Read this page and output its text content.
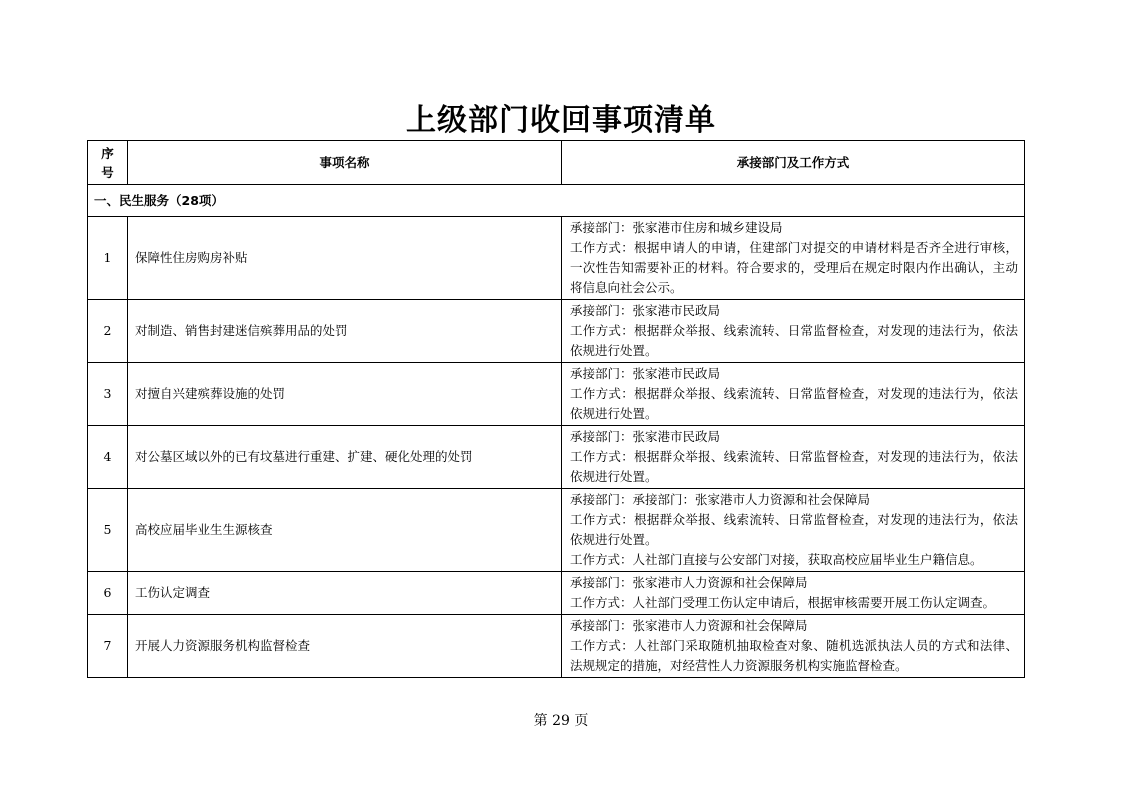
上级部门收回事项清单
序
号	事项名称	承接部门及工作方式
一、民生服务（28项）		
1	保障性住房购房补贴	承接部门：张家港市住房和城乡建设局
工作方式：根据申请人的申请，住建部门对提交的申请材料是否齐全进行审核，一次性告知需要补正的材料。符合要求的，受理后在规定时限内作出确认，主动将信息向社会公示。

2	对制造、销售封建迷信殡葬用品的处罚	承接部门：张家港市民政局
工作方式：根据群众举报、线索流转、日常监督检查，对发现的违法行为，依法依规进行处置。

3	对擅自兴建殡葬设施的处罚	承接部门：张家港市民政局
工作方式：根据群众举报、线索流转、日常监督检查，对发现的违法行为，依法依规进行处置。

4	对公墓区域以外的已有坟墓进行重建、扩建、硬化处理的处罚	承接部门：张家港市民政局
工作方式：根据群众举报、线索流转、日常监督检查，对发现的违法行为，依法依规进行处置。

5	高校应届毕业生生源核查	承接部门：承接部门：张家港市人力资源和社会保障局
工作方式：根据群众举报、线索流转、日常监督检查，对发现的违法行为，依法依规进行处置。
工作方式：人社部门直接与公安部门对接，获取高校应届毕业生户籍信息。

6	工伤认定调查	承接部门：张家港市人力资源和社会保障局
工作方式：人社部门受理工伤认定申请后，根据审核需要开展工伤认定调查。

7	开展人力资源服务机构监督检查	承接部门：张家港市人力资源和社会保障局
工作方式：人社部门采取随机抽取检查对象、随机选派执法人员的方式和法律、法规规定的措施，对经营性人力资源服务机构实施监督检查。
第 29 页
